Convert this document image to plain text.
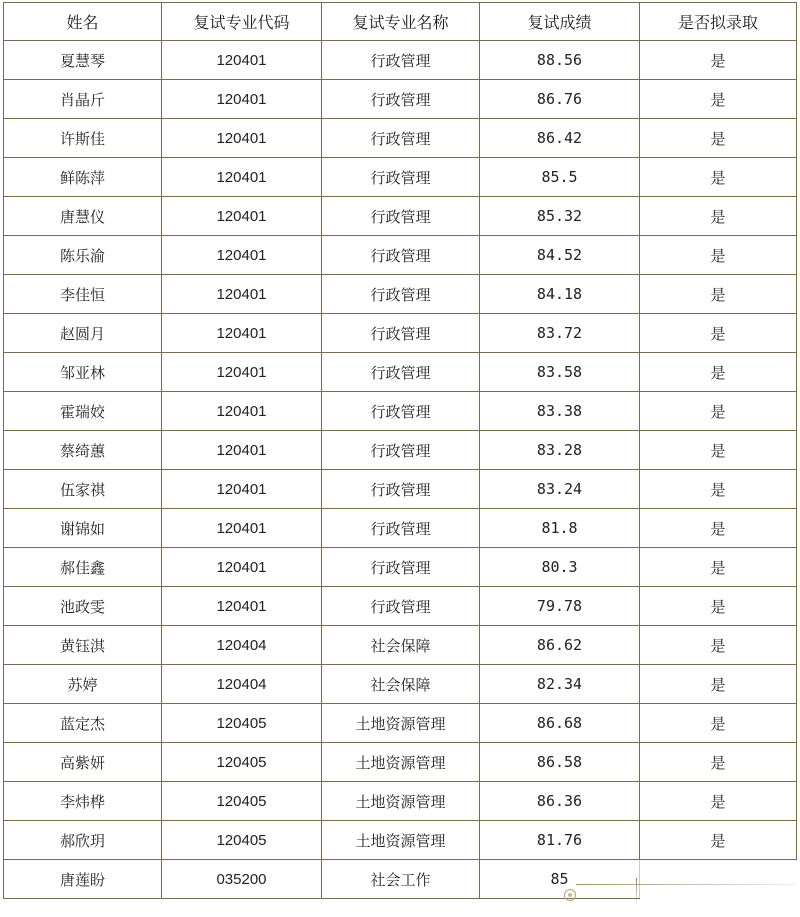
姓名	复试专业代码	复试专业名称	复试成绩	是否拟录取
夏慧琴	120401	行政管理	88.56	是
肖晶斤	120401	行政管理	86.76	是
许斯佳	120401	行政管理	86.42	是
鲜陈萍	120401	行政管理	85.5	是
唐慧仪	120401	行政管理	85.32	是
陈乐渝	120401	行政管理	84.52	是
李佳恒	120401	行政管理	84.18	是
赵圆月	120401	行政管理	83.72	是
邹亚林	120401	行政管理	83.58	是
霍瑞姣	120401	行政管理	83.38	是
蔡绮蕙	120401	行政管理	83.28	是
伍家祺	120401	行政管理	83.24	是
谢锦如	120401	行政管理	81.8	是
郝佳鑫	120401	行政管理	80.3	是
池政雯	120401	行政管理	79.78	是
黄钰淇	120404	社会保障	86.62	是
苏婷	120404	社会保障	82.34	是
蓝定杰	120405	土地资源管理	86.68	是
高紫妍	120405	土地资源管理	86.58	是
李炜桦	120405	土地资源管理	86.36	是
郝欣玥	120405	土地资源管理	81.76	是
唐莲盼	035200	社会工作	85	
